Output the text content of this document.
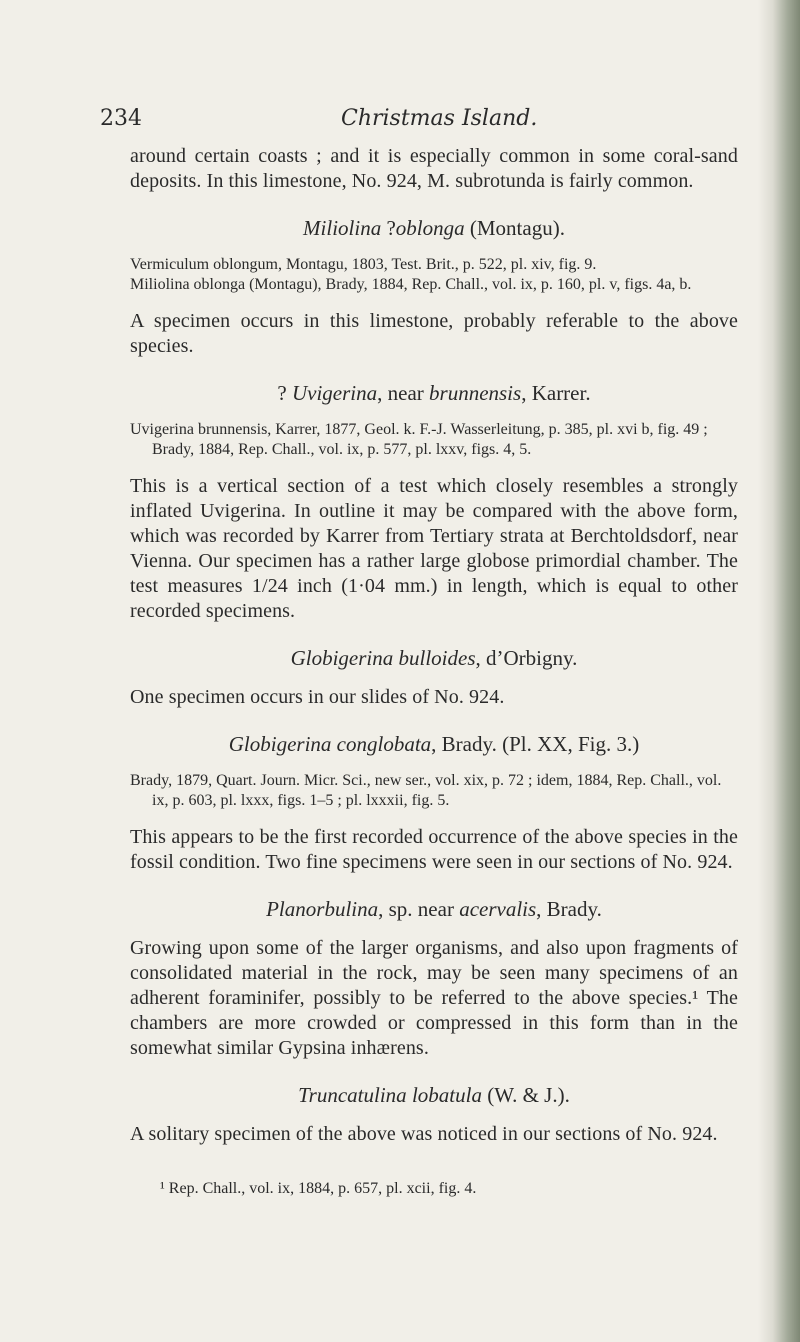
234	Christmas Island.

around certain coasts ; and it is especially common in some coral-sand deposits. In this limestone, No. 924, M. subrotunda is fairly common.

Miliolina ?oblonga (Montagu).

Vermiculum oblongum, Montagu, 1803, Test. Brit., p. 522, pl. xiv, fig. 9.

Miliolina oblonga (Montagu), Brady, 1884, Rep. Chall., vol. ix, p. 160, pl. v, figs. 4a, b.

A specimen occurs in this limestone, probably referable to the above species.

? Uvigerina, near brunnensis, Karrer.

Uvigerina brunnensis, Karrer, 1877, Geol. k. F.-J. Wasserleitung, p. 385, pl. xvi b, fig. 49 ; Brady, 1884, Rep. Chall., vol. ix, p. 577, pl. lxxv, figs. 4, 5.

This is a vertical section of a test which closely resembles a strongly inflated Uvigerina. In outline it may be compared with the above form, which was recorded by Karrer from Tertiary strata at Berchtoldsdorf, near Vienna. Our specimen has a rather large globose primordial chamber. The test measures 1/24 inch (1·04 mm.) in length, which is equal to other recorded specimens.

Globigerina bulloides, d’Orbigny.

One specimen occurs in our slides of No. 924.

Globigerina conglobata, Brady. (Pl. XX, Fig. 3.)

Brady, 1879, Quart. Journ. Micr. Sci., new ser., vol. xix, p. 72 ; idem, 1884, Rep. Chall., vol. ix, p. 603, pl. lxxx, figs. 1–5 ; pl. lxxxii, fig. 5.

This appears to be the first recorded occurrence of the above species in the fossil condition. Two fine specimens were seen in our sections of No. 924.

Planorbulina, sp. near acervalis, Brady.

Growing upon some of the larger organisms, and also upon fragments of consolidated material in the rock, may be seen many specimens of an adherent foraminifer, possibly to be referred to the above species.¹ The chambers are more crowded or compressed in this form than in the somewhat similar Gypsina inhærens.

Truncatulina lobatula (W. & J.).

A solitary specimen of the above was noticed in our sections of No. 924.

¹ Rep. Chall., vol. ix, 1884, p. 657, pl. xcii, fig. 4.
